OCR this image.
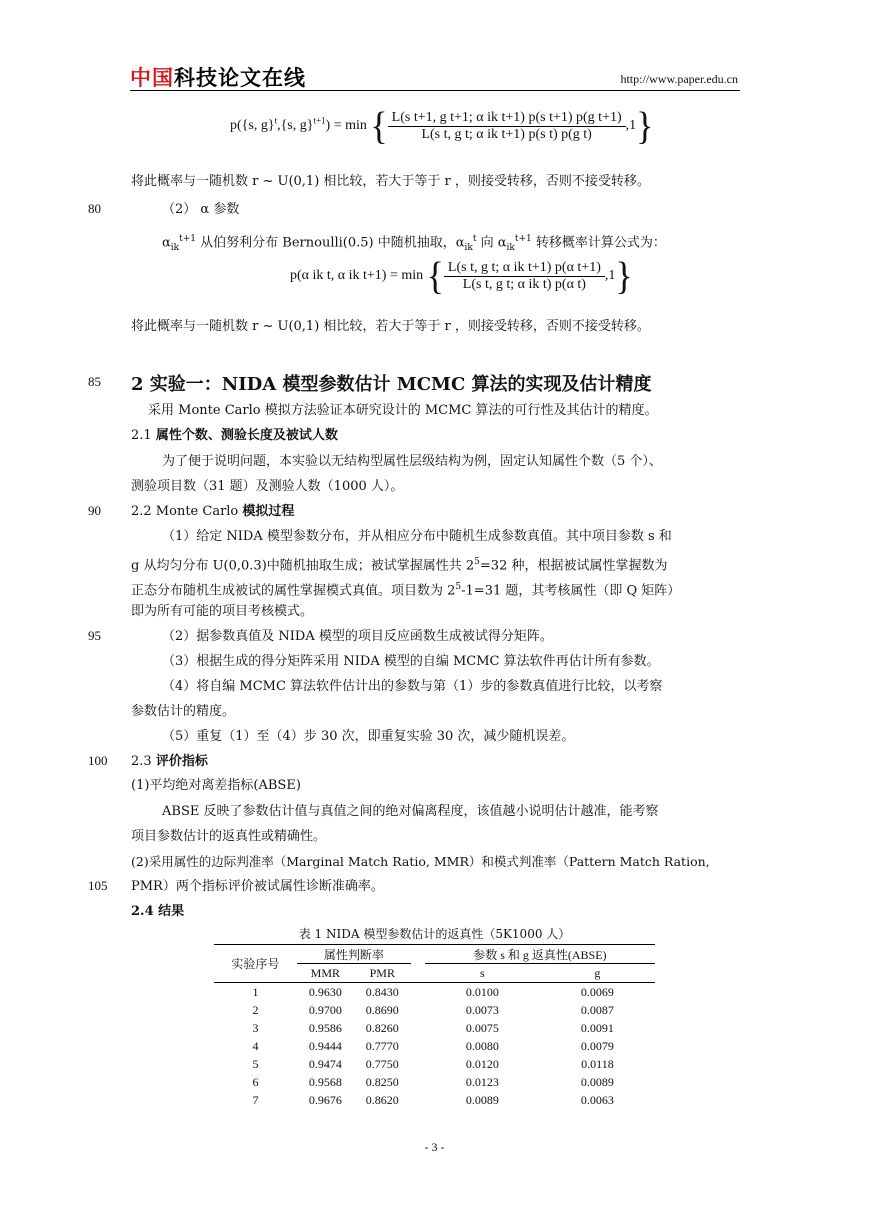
中国科技论文在线	http://www.paper.edu.cn
p({s, g}$^t$,{s, g}$^{t+1}$) = min { $\frac{\text{L(s t+1, g t+1; α ik t+1) p(s t+1) p(g t+1)}}{\text{L(s t, g t; α ik t+1) p(s t) p(g t)}} ,1$}
将此概率与一随机数 r ~ U(0,1) 相比较，若大于等于 r ，则接受转移，否则不接受转移。
80	（2） α 参数
$\alpha_{ik}^{t+1}$ 从伯努利分布 Bernoulli(0.5) 中随机抽取，$\alpha_{ik}^t$ 向 $\alpha_{ik}^{t+1}$ 转移概率计算公式为：
p(α ik t, α ik t+1) = min { $\frac{\text{L(s t, g t; α ik t+1) p(α t+1)}}{\text{L(s t, g t; α ik t) p(α t)}} ,1$}
将此概率与一随机数 r ~ U(0,1) 相比较，若大于等于 r ，则接受转移，否则不接受转移。
85 2 实验一：NIDA 模型参数估计 MCMC 算法的实现及估计精度
采用 Monte Carlo 模拟方法验证本研究设计的 MCMC 算法的可行性及其估计的精度。
2.1 属性个数、测验长度及被试人数
为了便于说明问题，本实验以无结构型属性层级结构为例，固定认知属性个数（5 个）、
测验项目数（31 题）及测验人数（1000 人）。
90 2.2 Monte Carlo 模拟过程
（1）给定 NIDA 模型参数分布，并从相应分布中随机生成参数真值。其中项目参数 s 和
g 从均匀分布 U(0,0.3)中随机抽取生成；被试掌握属性共 $2^5=32$ 种，根据被试属性掌握数为
正态分布随机生成被试的属性掌握模式真值。项目数为 $2^5-1=31$ 题，其考核属性（即 Q 矩阵）
即为所有可能的项目考核模式。
95	（2）据参数真值及 NIDA 模型的项目反应函数生成被试得分矩阵。
（3）根据生成的得分矩阵采用 NIDA 模型的自编 MCMC 算法软件再估计所有参数。
（4）将自编 MCMC 算法软件估计出的参数与第（1）步的参数真值进行比较，以考察
参数估计的精度。
（5）重复（1）至（4）步 30 次，即重复实验 30 次，减少随机误差。
100 2.3 评价指标
(1)平均绝对离差指标(ABSE)
ABSE 反映了参数估计值与真值之间的绝对偏离程度，该值越小说明估计越准，能考察
项目参数估计的返真性或精确性。
(2)采用属性的边际判准率（Marginal Match Ratio, MMR）和模式判准率（Pattern Match Ration,
105 PMR）两个指标评价被试属性诊断准确率。
2.4 结果
表 1 NIDA 模型参数估计的返真性（5K1000 人）
实验序号	属性判断率			参数 s 和 g 返真性(ABSE)	
	MMR	PMR		s	g
1	0.9630	0.8430		0.0100	0.0069
2	0.9700	0.8690		0.0073	0.0087
3	0.9586	0.8260		0.0075	0.0091
4	0.9444	0.7770		0.0080	0.0079
5	0.9474	0.7750		0.0120	0.0118
6	0.9568	0.8250		0.0123	0.0089
7	0.9676	0.8620		0.0089	0.0063
- 3 -
